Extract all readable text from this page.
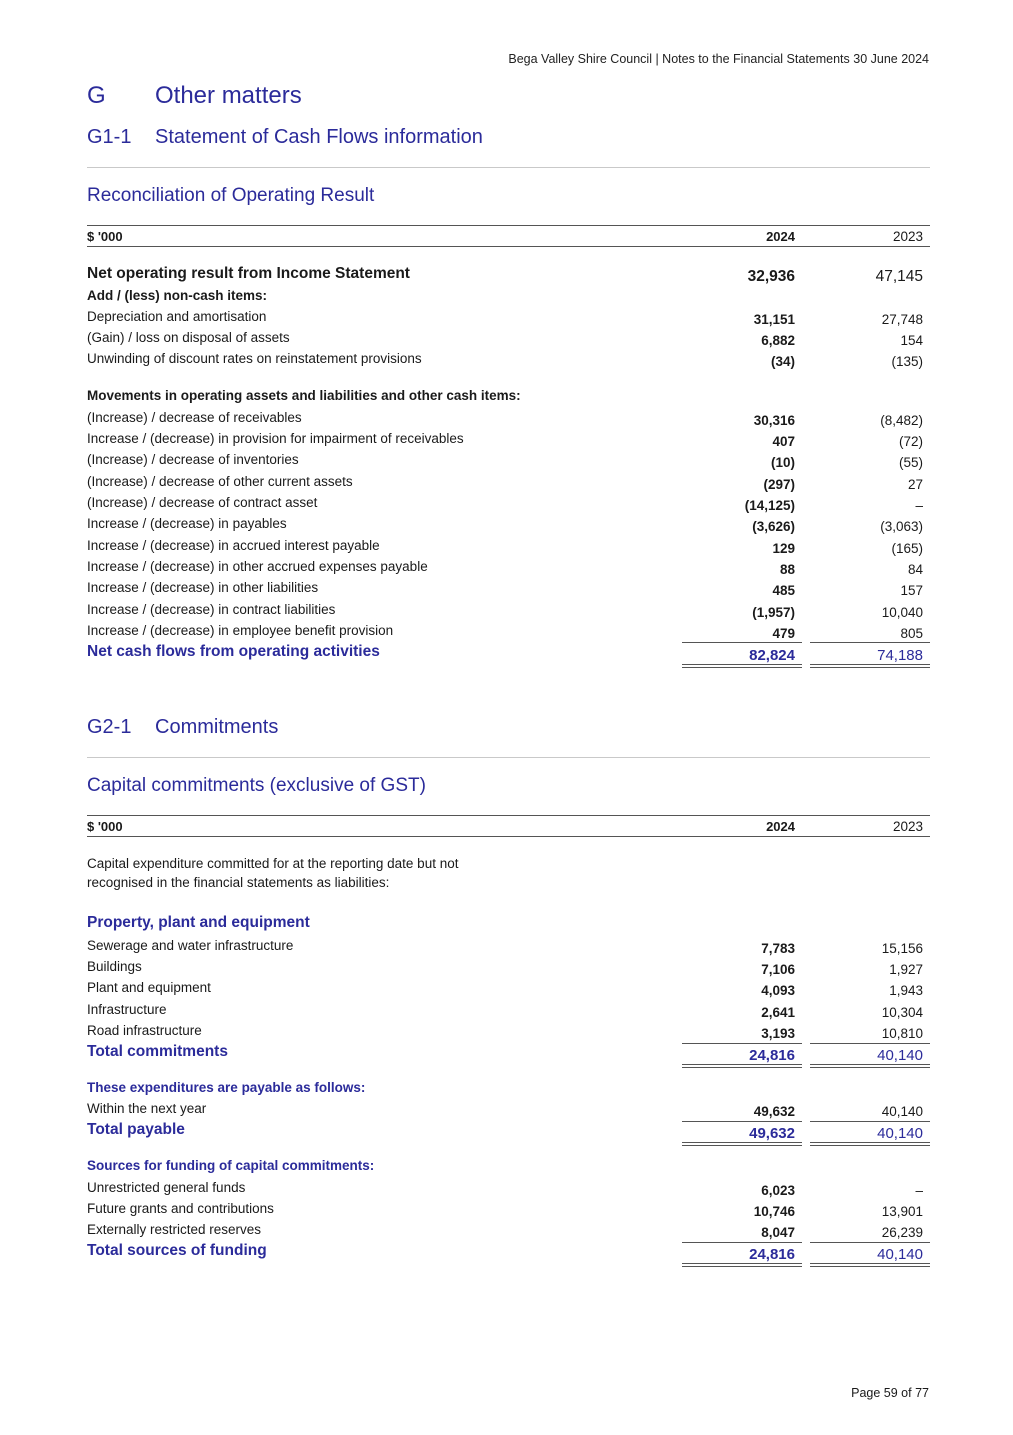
Bega Valley Shire Council | Notes to the Financial Statements 30 June 2024
G Other matters
G1-1 Statement of Cash Flows information
Reconciliation of Operating Result
$ '000	2024	2023
Net operating result from Income Statement	32,936	47,145
Add / (less) non-cash items:
Depreciation and amortisation	31,151	27,748
(Gain) / loss on disposal of assets	6,882	154
Unwinding of discount rates on reinstatement provisions	(34)	(135)
Movements in operating assets and liabilities and other cash items:
(Increase) / decrease of receivables	30,316	(8,482)
Increase / (decrease) in provision for impairment of receivables	407	(72)
(Increase) / decrease of inventories	(10)	(55)
(Increase) / decrease of other current assets	(297)	27
(Increase) / decrease of contract asset	(14,125)	–
Increase / (decrease) in payables	(3,626)	(3,063)
Increase / (decrease) in accrued interest payable	129	(165)
Increase / (decrease) in other accrued expenses payable	88	84
Increase / (decrease) in other liabilities	485	157
Increase / (decrease) in contract liabilities	(1,957)	10,040
Increase / (decrease) in employee benefit provision	479	805
Net cash flows from operating activities	82,824	74,188
G2-1 Commitments
Capital commitments (exclusive of GST)
$ '000	2024	2023
Capital expenditure committed for at the reporting date but not
recognised in the financial statements as liabilities:
Property, plant and equipment
Sewerage and water infrastructure	7,783	15,156
Buildings	7,106	1,927
Plant and equipment	4,093	1,943
Infrastructure	2,641	10,304
Road infrastructure	3,193	10,810
Total commitments	24,816	40,140
These expenditures are payable as follows:
Within the next year	49,632	40,140
Total payable	49,632	40,140
Sources for funding of capital commitments:
Unrestricted general funds	6,023	–
Future grants and contributions	10,746	13,901
Externally restricted reserves	8,047	26,239
Total sources of funding	24,816	40,140
Page 59 of 77
